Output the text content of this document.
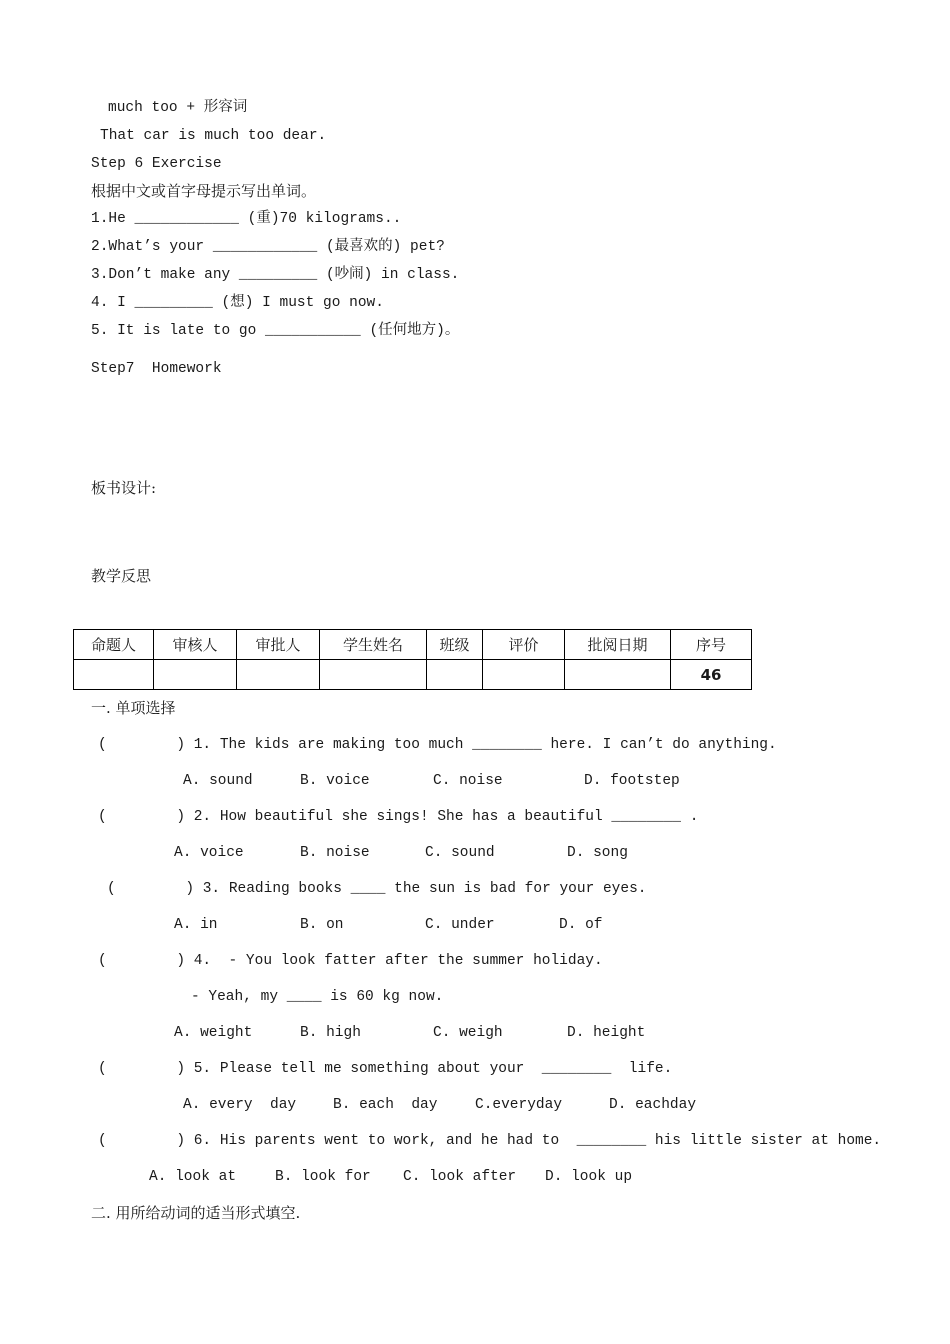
much too + 形容词
That car is much too dear.
Step 6 Exercise
根据中文或首字母提示写出单词。
1.He ____________ (重)70 kilograms..
2.What’s your ____________ (最喜欢的) pet?
3.Don’t make any _________ (吵闹) in class.
4. I _________ (想) I must go now.
5. It is late to go ___________ (任何地方)。
Step7  Homework
板书设计:
教学反思
命题人	审核人	审批人	学生姓名	班级	评价	批阅日期	序号
							46
一. 单项选择
(        ) 1. The kids are making too much ________ here. I can’t do anything.
A. sound	B. voice	C. noise	D. footstep
(        ) 2. How beautiful she sings! She has a beautiful ________ .
A. voice	B. noise	C. sound	D. song
(        ) 3. Reading books ____ the sun is bad for your eyes.
A. in	B. on	C. under	D. of
(        ) 4.  - You look fatter after the summer holiday.
- Yeah, my ____ is 60 kg now.
A. weight	B. high	C. weigh	D. height
(        ) 5. Please tell me something about your  ________  life.
A. every  day	B. each  day	C.everyday	D. eachday
(        ) 6. His parents went to work, and he had to  ________ his little sister at home.
A. look at	B. look for C. look after D. look up
二. 用所给动词的适当形式填空.
